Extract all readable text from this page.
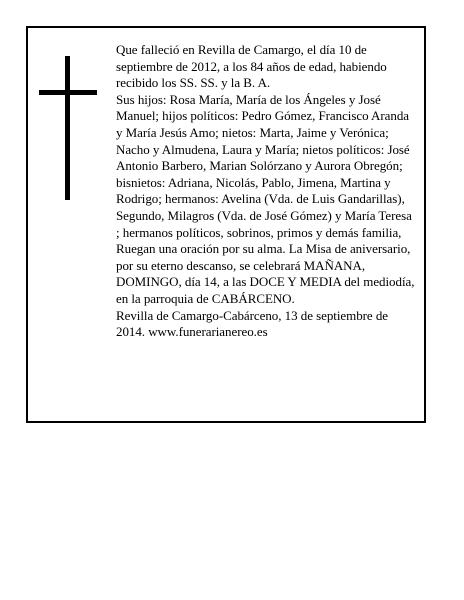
Que falleció en Revilla de Camargo, el día 10 de septiembre de 2012, a los 84 años de edad, habiendo recibido los SS. SS. y la B. A.

Sus hijos: Rosa María, María de los Ángeles y José Manuel; hijos políticos: Pedro Gómez, Francisco Aranda y María Jesús Amo; nietos: Marta, Jaime y Verónica; Nacho y Almudena, Laura y María; nietos políticos: José Antonio Barbero, Marian Solórzano y Aurora Obregón; bisnietos: Adriana, Nicolás, Pablo, Jimena, Martina y Rodrigo; hermanos: Avelina (Vda. de Luis Gandarillas), Segundo, Milagros (Vda. de José Gómez) y María Teresa ; hermanos políticos, sobrinos, primos y demás familia,

Ruegan una oración por su alma. La Misa de aniversario, por su eterno descanso, se celebrará MAÑANA, DOMINGO, día 14, a las DOCE Y MEDIA del mediodía, en la parroquia de CABÁRCENO.

Revilla de Camargo-Cabárceno, 13 de septiembre de 2014. www.funerarianereo.es
